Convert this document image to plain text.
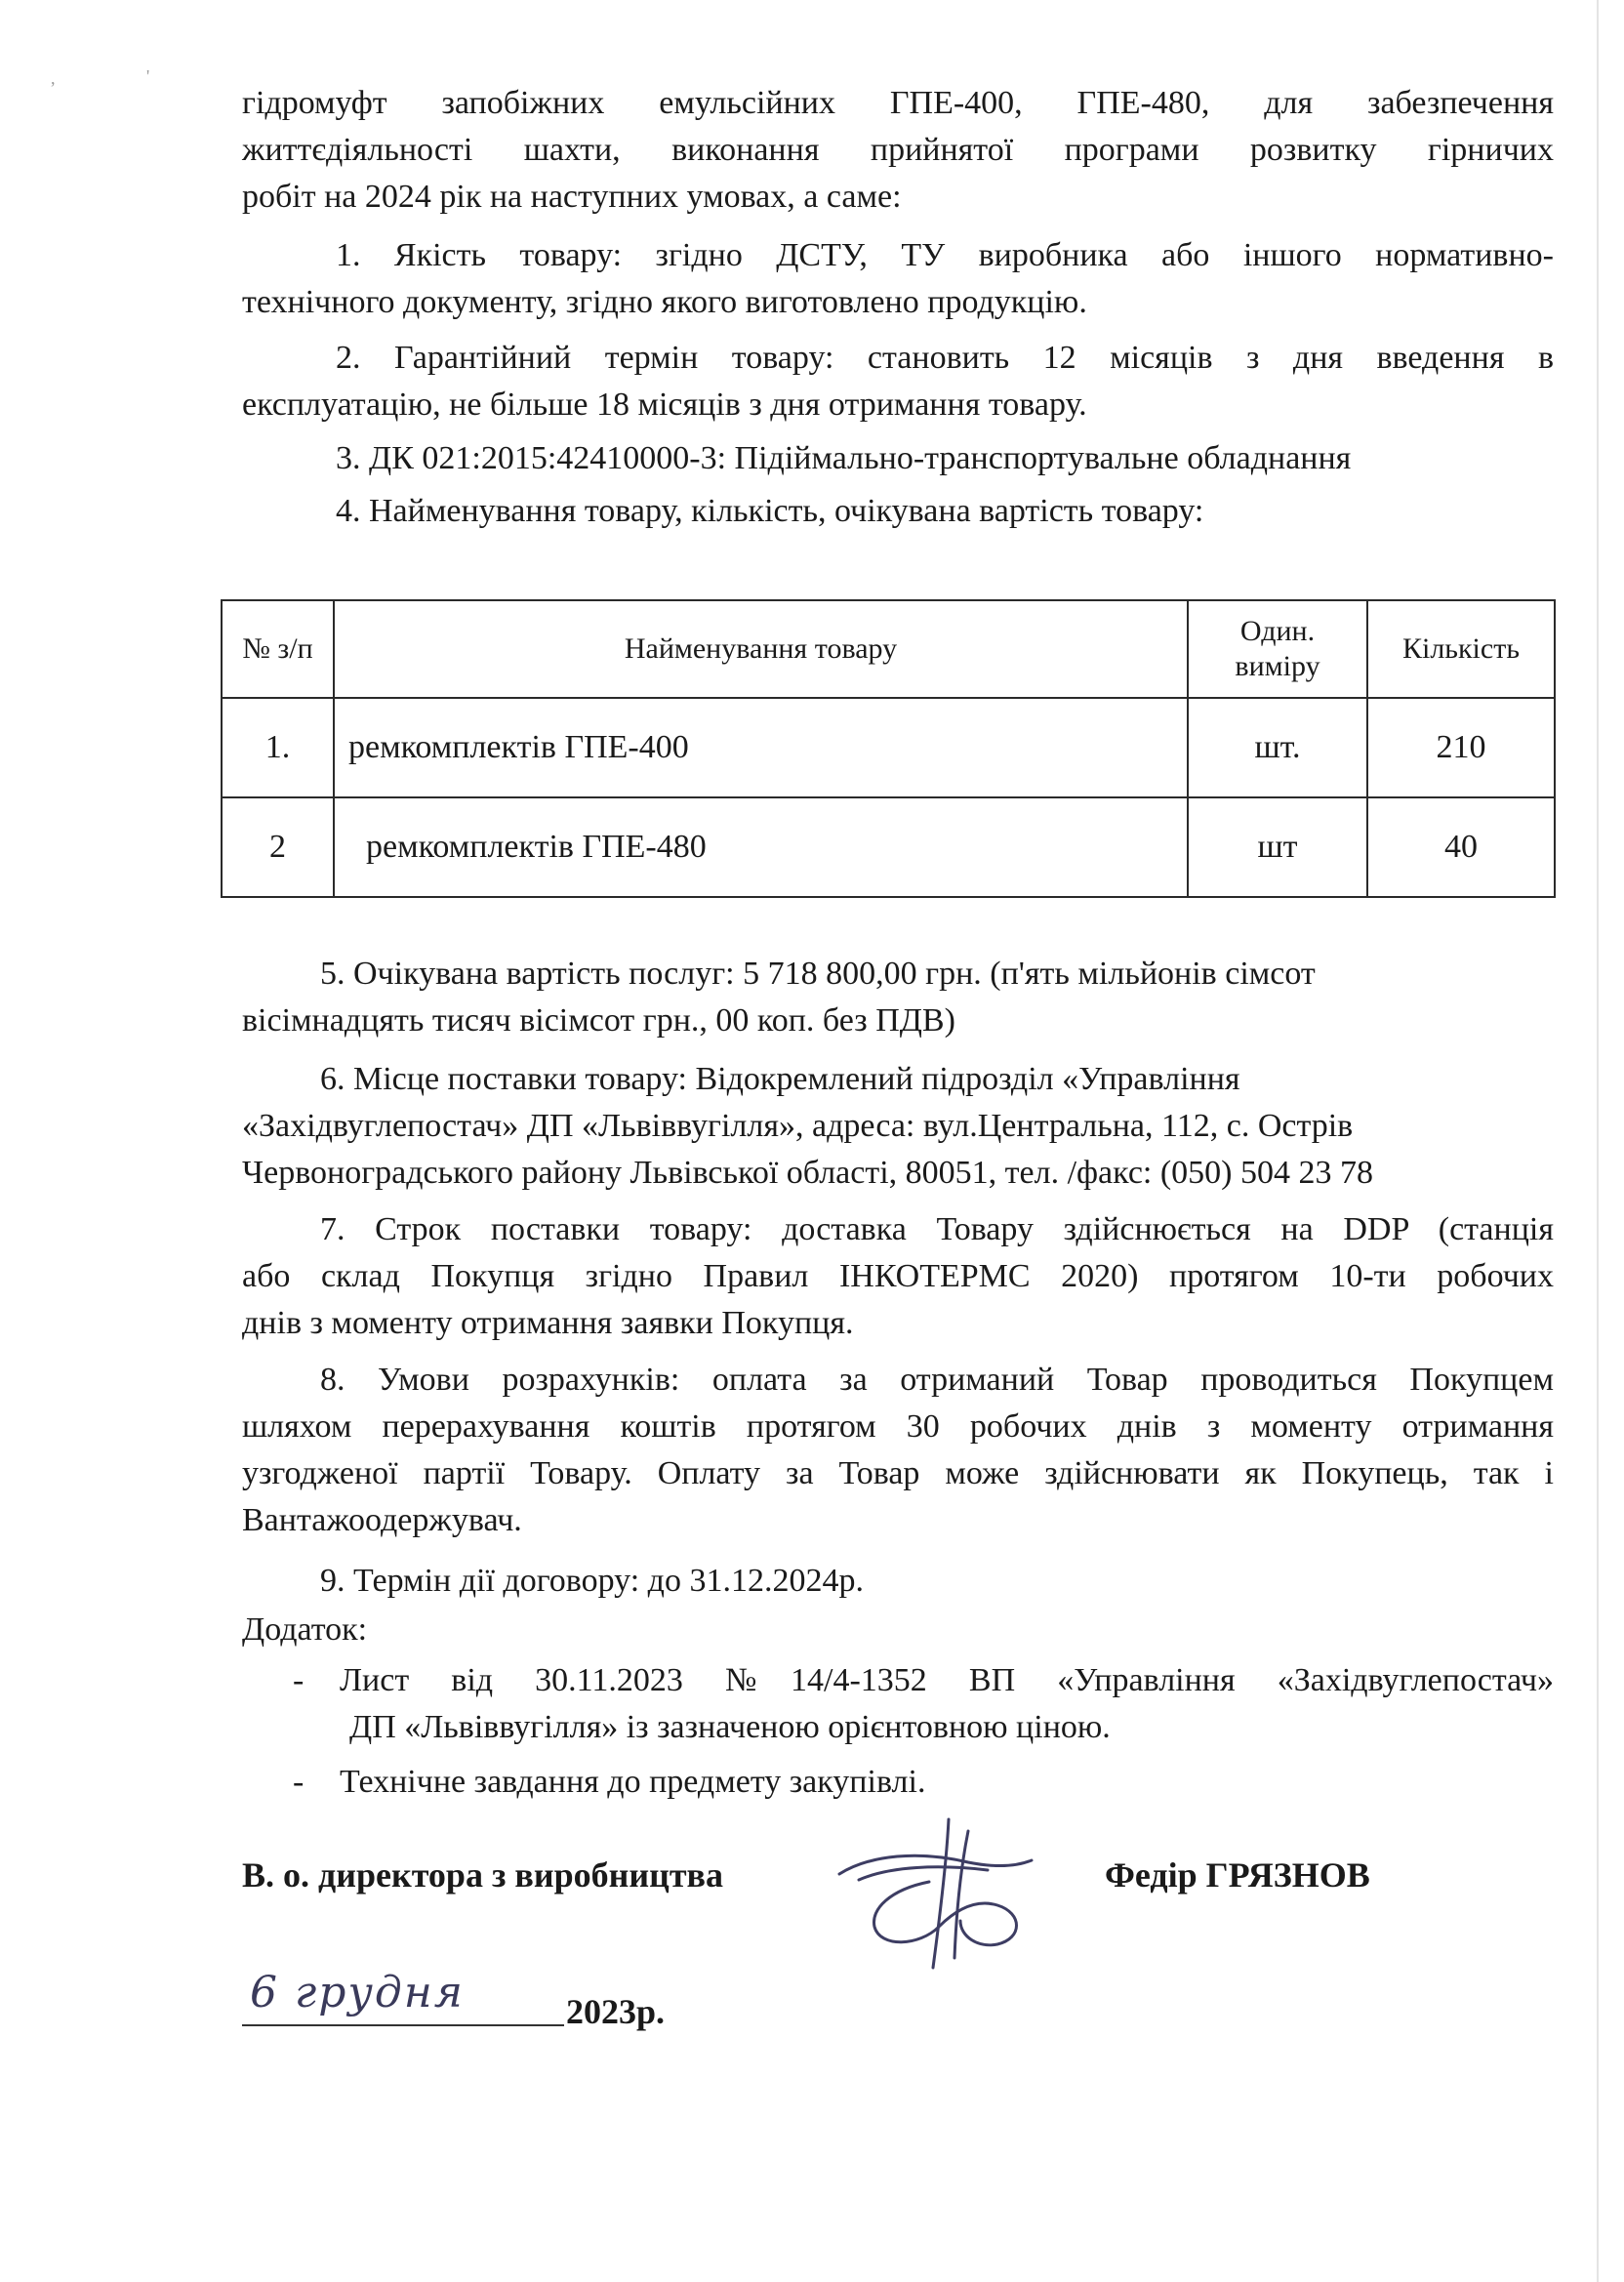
,	'
гідромуфт запобіжних емульсійних ГПЕ-400, ГПЕ-480, для забезпечення
життєдіяльності шахти, виконання прийнятої програми розвитку гірничих
робіт на 2024 рік на наступних умовах, а саме:
1. Якість товару: згідно ДСТУ, ТУ виробника або іншого нормативно-
технічного документу, згідно якого виготовлено продукцію.
2. Гарантійний термін товару: становить 12 місяців з дня введення в
експлуатацію, не більше 18 місяців з дня отримання товару.
3. ДК 021:2015:42410000-3: Підіймально-транспортувальне обладнання
4. Найменування товару, кількість, очікувана вартість товару:
№ з/п	Найменування товару	Один. виміру	Кількість
1.	ремкомплектів ГПЕ-400	шт.	210
2	ремкомплектів ГПЕ-480	шт	40
5. Очікувана вартість послуг: 5 718 800,00 грн. (п'ять мільйонів сімсот
вісімнадцять тисяч вісімсот грн., 00 коп. без ПДВ)
6. Місце поставки товару: Відокремлений підрозділ «Управління
«Західвуглепостач» ДП «Львіввугілля», адреса: вул.Центральна, 112, с. Острів
Червоноградського району Львівської області, 80051, тел. /факс: (050) 504 23 78
7. Строк поставки товару: доставка Товару здійснюється на DDP (станція
або склад Покупця згідно Правил ІНКОТЕРМС 2020) протягом 10-ти робочих
днів з моменту отримання заявки Покупця.
8. Умови розрахунків: оплата за отриманий Товар проводиться Покупцем
шляхом перерахування коштів протягом 30 робочих днів з моменту отримання
узгодженої партії Товару. Оплату за Товар може здійснювати як Покупець, так і
Вантажоодержувач.
9. Термін дії договору: до 31.12.2024р.
Додаток:
- Лист від 30.11.2023 №14/4-1352 ВП «Управління «Західвуглепостач»
ДП «Львіввугілля» із зазначеною орієнтовною ціною.
- Технічне завдання до предмету закупівлі.
В. о. директора з виробництва	Федір ГРЯЗНОВ
6 грудня	2023р.
